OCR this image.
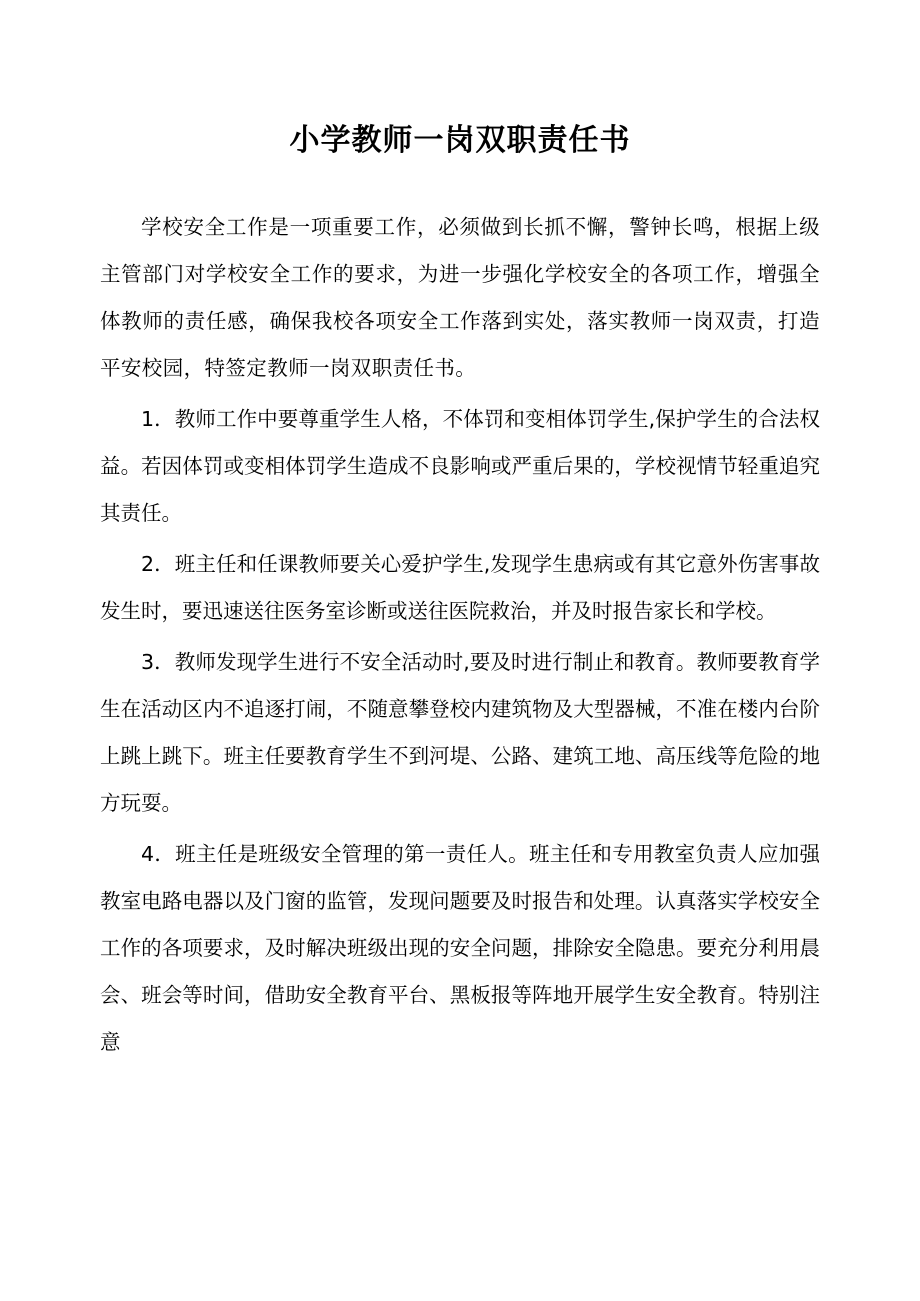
小学教师一岗双职责任书

学校安全工作是一项重要工作，必须做到长抓不懈，警钟长鸣，根据上级主管部门对学校安全工作的要求，为进一步强化学校安全的各项工作，增强全体教师的责任感，确保我校各项安全工作落到实处，落实教师一岗双责，打造平安校园，特签定教师一岗双职责任书。

1．教师工作中要尊重学生人格，不体罚和变相体罚学生,保护学生的合法权益。若因体罚或变相体罚学生造成不良影响或严重后果的，学校视情节轻重追究其责任。

2．班主任和任课教师要关心爱护学生,发现学生患病或有其它意外伤害事故发生时，要迅速送往医务室诊断或送往医院救治，并及时报告家长和学校。

3．教师发现学生进行不安全活动时,要及时进行制止和教育。教师要教育学生在活动区内不追逐打闹，不随意攀登校内建筑物及大型器械，不准在楼内台阶上跳上跳下。班主任要教育学生不到河堤、公路、建筑工地、高压线等危险的地方玩耍。

4．班主任是班级安全管理的第一责任人。班主任和专用教室负责人应加强教室电路电器以及门窗的监管，发现问题要及时报告和处理。认真落实学校安全工作的各项要求，及时解决班级出现的安全问题，排除安全隐患。要充分利用晨会、班会等时间，借助安全教育平台、黑板报等阵地开展学生安全教育。特别注意
